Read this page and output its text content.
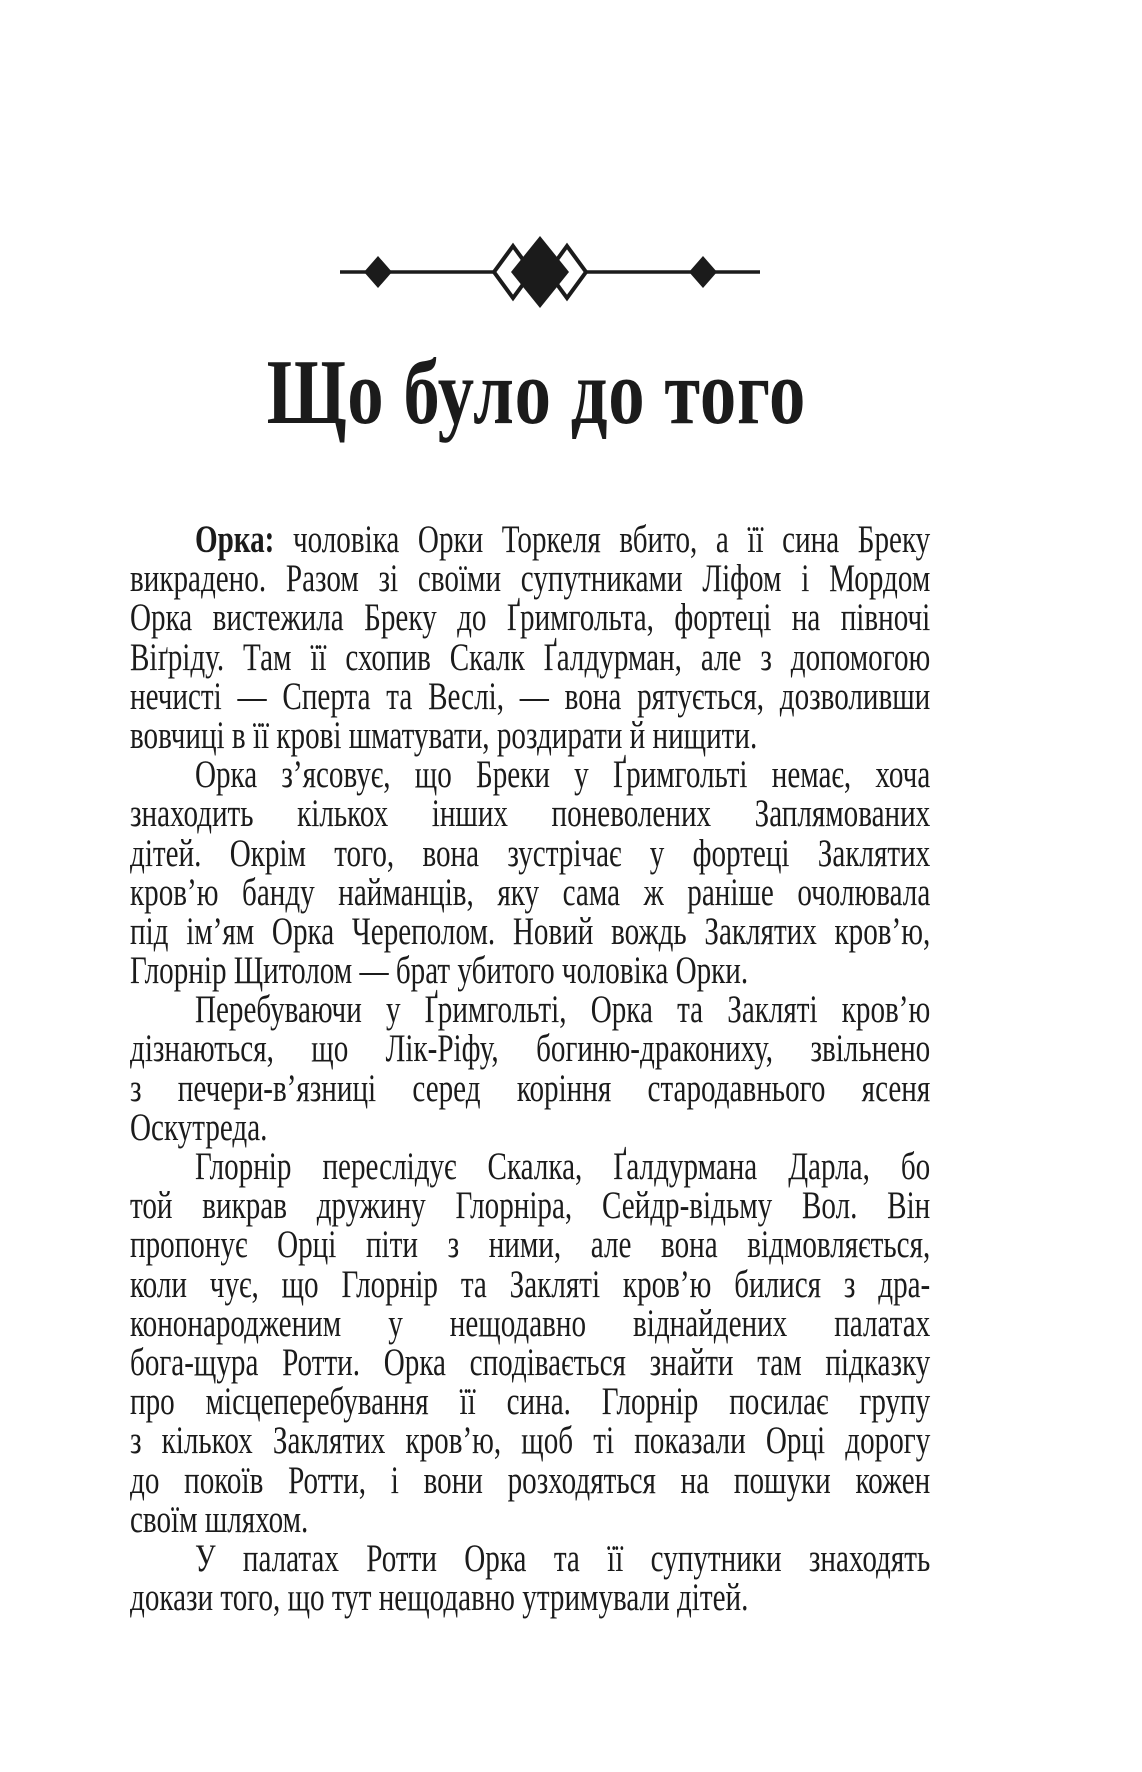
Що було до того
Орка: чоловіка Орки Торкеля вбито, а її сина Бреку
викрадено. Разом зі своїми супутниками Ліфом і Мордом
Орка вистежила Бреку до Ґримгольта, фортеці на півночі
Віґріду. Там її схопив Скалк Ґалдурман, але з допомогою
нечисті — Сперта та Веслі, — вона рятується, дозволивши
вовчиці в її крові шматувати, роздирати й нищити.
Орка з’ясовує, що Бреки у Ґримгольті немає, хоча
знаходить кількох інших поневолених Заплямованих
дітей. Окрім того, вона зустрічає у фортеці Заклятих
кров’ю банду найманців, яку сама ж раніше очолювала
під ім’ям Орка Череполом. Новий вождь Заклятих кров’ю,
Глорнір Щитолом — брат убитого чоловіка Орки.
Перебуваючи у Ґримгольті, Орка та Закляті кров’ю
дізнаються, що Лік-Ріфу, богиню-дракониху, звільнено
з печери-в’язниці серед коріння стародавнього ясеня
Оскутреда.
Глорнір переслідує Скалка, Ґалдурмана Дарла, бо
той викрав дружину Глорніра, Сейдр-відьму Вол. Він
пропонує Орці піти з ними, але вона відмовляється,
коли чує, що Глорнір та Закляті кров’ю билися з дра-
кононародженим у нещодавно віднайдених палатах
бога-щура Ротти. Орка сподівається знайти там підказку
про місцеперебування її сина. Глорнір посилає групу
з кількох Заклятих кров’ю, щоб ті показали Орці дорогу
до покоїв Ротти, і вони розходяться на пошуки кожен
своїм шляхом.
У палатах Ротти Орка та її супутники знаходять
докази того, що тут нещодавно утримували дітей.
